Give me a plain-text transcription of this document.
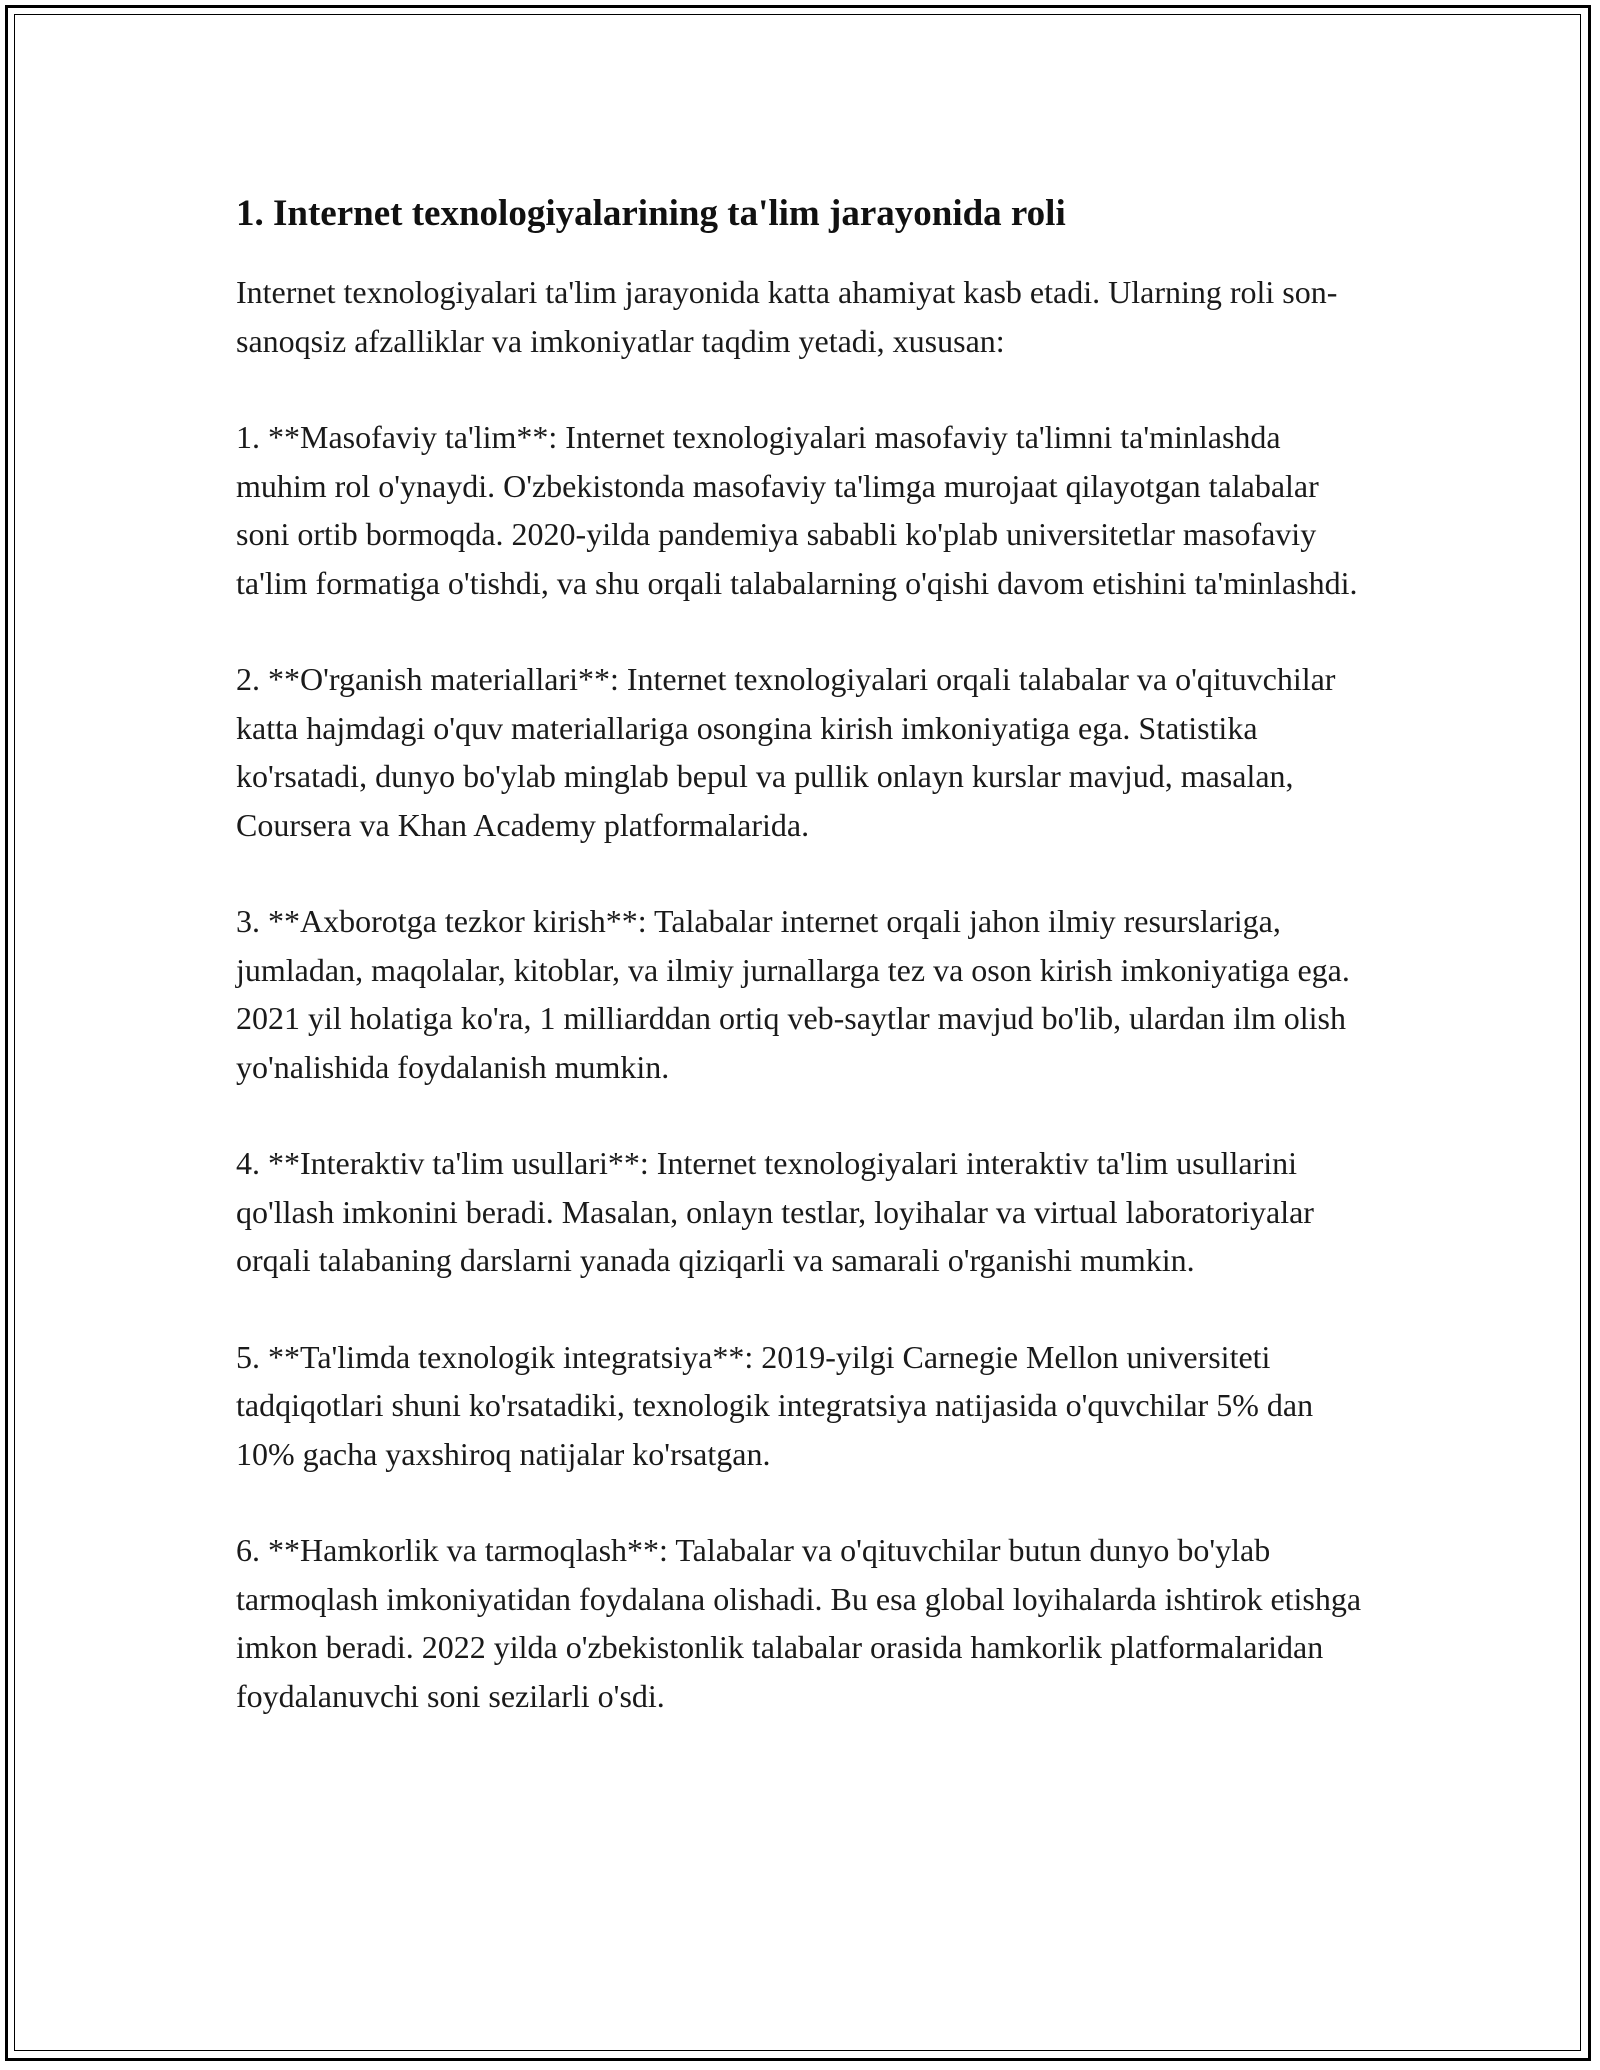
1. Internet texnologiyalarining ta'lim jarayonida roli

Internet texnologiyalari ta'lim jarayonida katta ahamiyat kasb etadi. Ularning roli son-sanoqsiz afzalliklar va imkoniyatlar taqdim yetadi, xususan:

1. **Masofaviy ta'lim**: Internet texnologiyalari masofaviy ta'limni ta'minlashda muhim rol o'ynaydi. O'zbekistonda masofaviy ta'limga murojaat qilayotgan talabalar soni ortib bormoqda. 2020-yilda pandemiya sababli ko'plab universitetlar masofaviy ta'lim formatiga o'tishdi, va shu orqali talabalarning o'qishi davom etishini ta'minlashdi.

2. **O'rganish materiallari**: Internet texnologiyalari orqali talabalar va o'qituvchilar katta hajmdagi o'quv materiallariga osongina kirish imkoniyatiga ega. Statistika ko'rsatadi, dunyo bo'ylab minglab bepul va pullik onlayn kurslar mavjud, masalan, Coursera va Khan Academy platformalarida.

3. **Axborotga tezkor kirish**: Talabalar internet orqali jahon ilmiy resurslariga, jumladan, maqolalar, kitoblar, va ilmiy jurnallarga tez va oson kirish imkoniyatiga ega. 2021 yil holatiga ko'ra, 1 milliarddan ortiq veb-saytlar mavjud bo'lib, ulardan ilm olish yo'nalishida foydalanish mumkin.

4. **Interaktiv ta'lim usullari**: Internet texnologiyalari interaktiv ta'lim usullarini qo'llash imkonini beradi. Masalan, onlayn testlar, loyihalar va virtual laboratoriyalar orqali talabaning darslarni yanada qiziqarli va samarali o'rganishi mumkin.

5. **Ta'limda texnologik integratsiya**: 2019-yilgi Carnegie Mellon universiteti tadqiqotlari shuni ko'rsatadiki, texnologik integratsiya natijasida o'quvchilar 5% dan 10% gacha yaxshiroq natijalar ko'rsatgan.

6. **Hamkorlik va tarmoqlash**: Talabalar va o'qituvchilar butun dunyo bo'ylab tarmoqlash imkoniyatidan foydalana olishadi. Bu esa global loyihalarda ishtirok etishga imkon beradi. 2022 yilda o'zbekistonlik talabalar orasida hamkorlik platformalaridan foydalanuvchi soni sezilarli o'sdi.
